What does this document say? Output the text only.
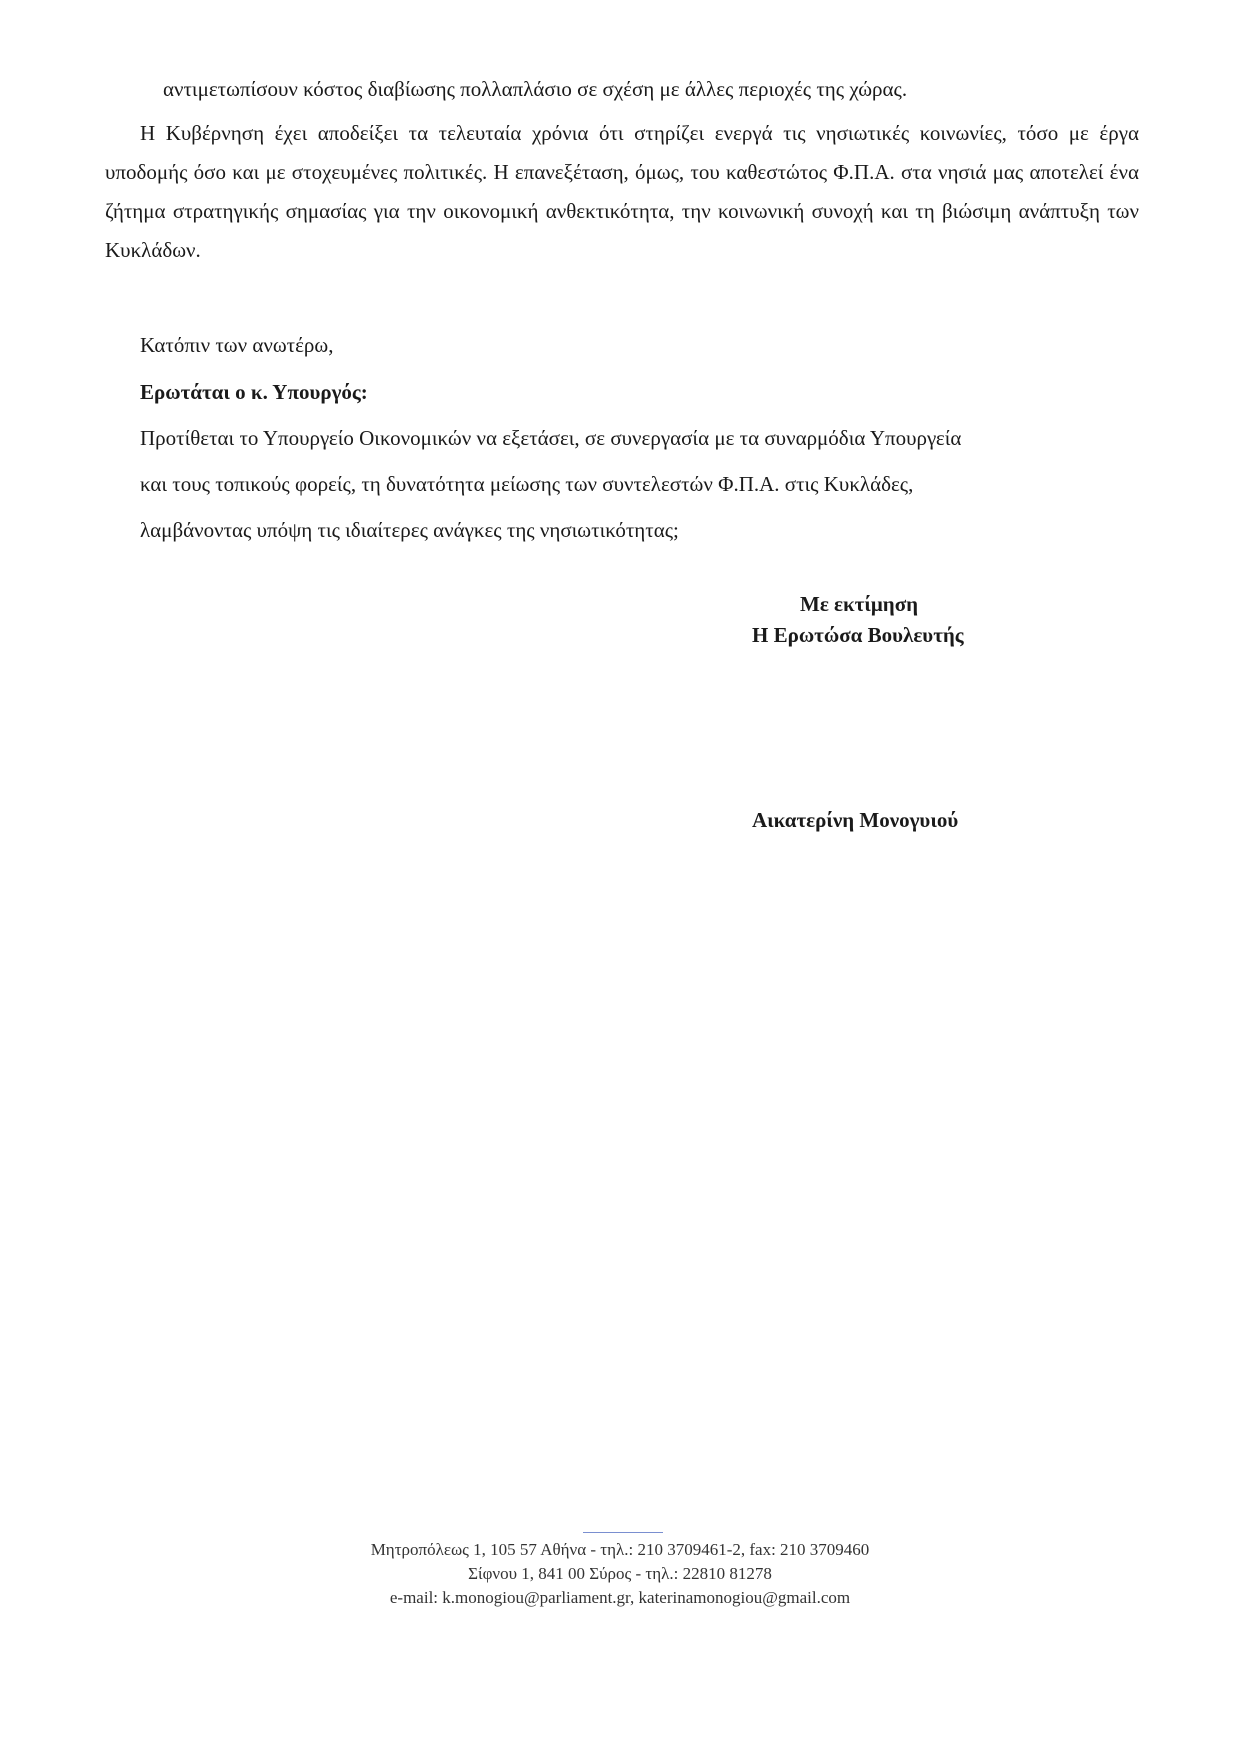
αντιμετωπίσουν κόστος διαβίωσης πολλαπλάσιο σε σχέση με άλλες περιοχές της χώρας.
Η Κυβέρνηση έχει αποδείξει τα τελευταία χρόνια ότι στηρίζει ενεργά τις νησιωτικές κοινωνίες, τόσο με έργα υποδομής όσο και με στοχευμένες πολιτικές. Η επανεξέταση, όμως, του καθεστώτος Φ.Π.Α. στα νησιά μας αποτελεί ένα ζήτημα στρατηγικής σημασίας για την οικονομική ανθεκτικότητα, την κοινωνική συνοχή και τη βιώσιμη ανάπτυξη των Κυκλάδων.
Κατόπιν των ανωτέρω,
Ερωτάται ο κ. Υπουργός:
Προτίθεται το Υπουργείο Οικονομικών να εξετάσει, σε συνεργασία με τα συναρμόδια Υπουργεία
και τους τοπικούς φορείς, τη δυνατότητα μείωσης των συντελεστών Φ.Π.Α. στις Κυκλάδες,
λαμβάνοντας υπόψη τις ιδιαίτερες ανάγκες της νησιωτικότητας;
Με εκτίμηση
Η Ερωτώσα Βουλευτής
Αικατερίνη Μονογυιού
Μητροπόλεως 1, 105 57 Αθήνα - τηλ.: 210 3709461-2, fax: 210 3709460
Σίφνου 1, 841 00 Σύρος - τηλ.: 22810 81278
e-mail: k.monogiou@parliament.gr, katerinamonogiou@gmail.com
